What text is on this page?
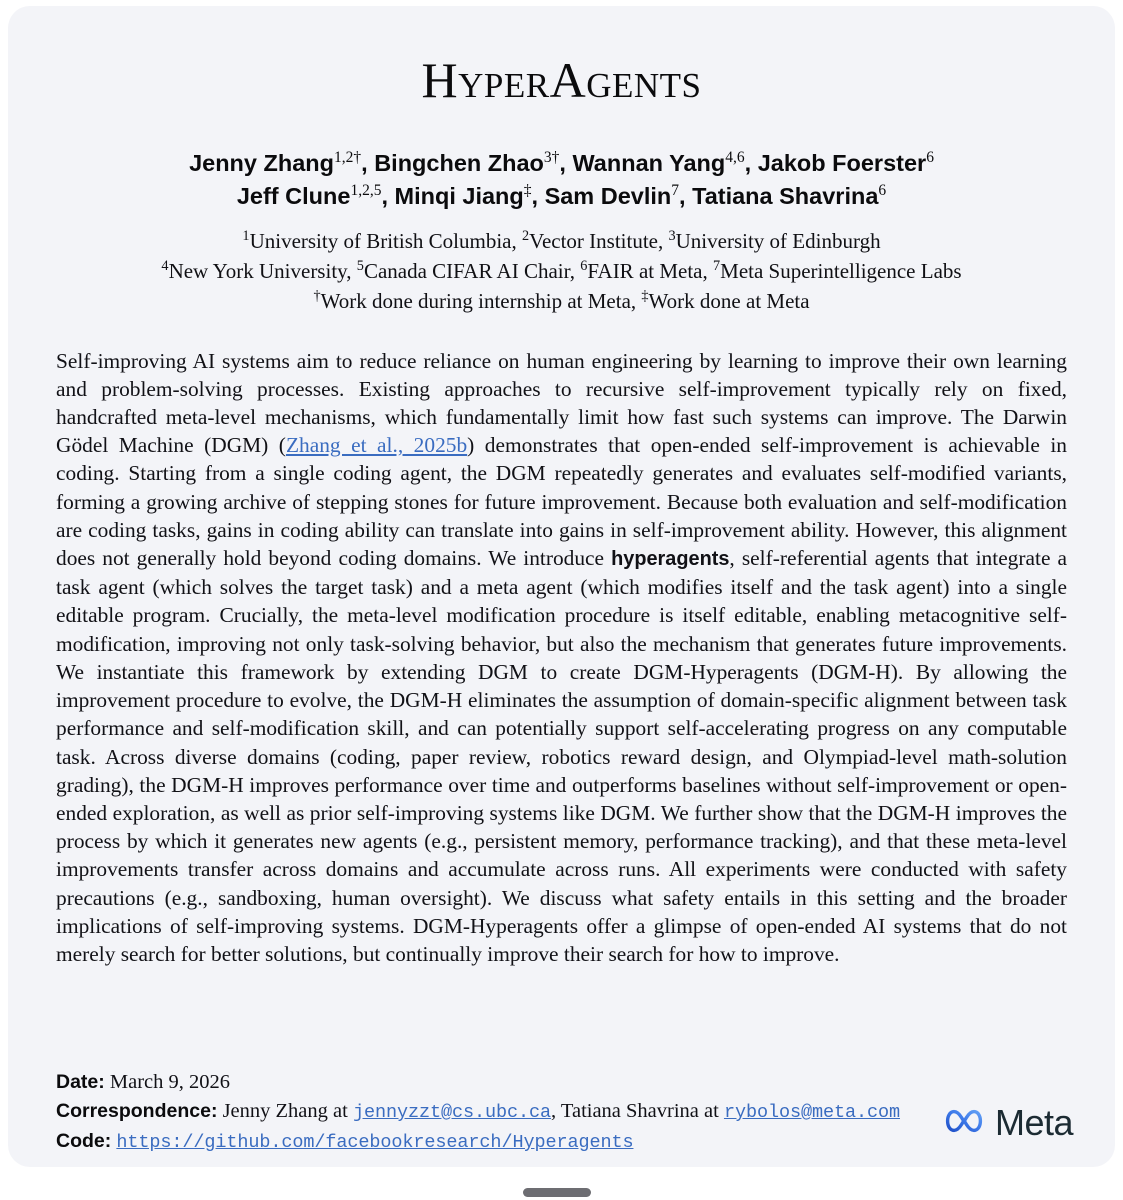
HyperAgents
Jenny Zhang$^{1,2\dagger}$, Bingchen Zhao$^{3\dagger}$, Wannan Yang$^{4,6}$, Jakob Foerster$^6$
Jeff Clune$^{1,2,5}$, Minqi Jiang‡, Sam Devlin$^7$, Tatiana Shavrina$^6$
$^1$University of British Columbia, $^2$Vector Institute, $^3$University of Edinburgh
$^4$New York University, $^5$Canada CIFAR AI Chair, $^6$FAIR at Meta, $^7$Meta Superintelligence Labs
†Work done during internship at Meta, ‡Work done at Meta

Self-improving AI systems aim to reduce reliance on human engineering by learning to improve their own learning and problem-solving processes. Existing approaches to recursive self-improvement typically rely on fixed, handcrafted meta-level mechanisms, which fundamentally limit how fast such systems can improve. The Darwin Gödel Machine (DGM) (Zhang et al., 2025b) demonstrates that open-ended self-improvement is achievable in coding. Starting from a single coding agent, the DGM repeatedly generates and evaluates self-modified variants, forming a growing archive of stepping stones for future improvement. Because both evaluation and self-modification are coding tasks, gains in coding ability can translate into gains in self-improvement ability. However, this alignment does not generally hold beyond coding domains. We introduce hyperagents, self-referential agents that integrate a task agent (which solves the target task) and a meta agent (which modifies itself and the task agent) into a single editable program. Crucially, the meta-level modification procedure is itself editable, enabling metacognitive self-modification, improving not only task-solving behavior, but also the mechanism that generates future improvements. We instantiate this framework by extending DGM to create DGM-Hyperagents (DGM-H). By allowing the improvement procedure to evolve, the DGM-H eliminates the assumption of domain-specific alignment between task performance and self-modification skill, and can potentially support self-accelerating progress on any computable task. Across diverse domains (coding, paper review, robotics reward design, and Olympiad-level math-solution grading), the DGM-H improves performance over time and outperforms baselines without self-improvement or open-ended exploration, as well as prior self-improving systems like DGM. We further show that the DGM-H improves the process by which it generates new agents (e.g., persistent memory, performance tracking), and that these meta-level improvements transfer across domains and accumulate across runs. All experiments were conducted with safety precautions (e.g., sandboxing, human oversight). We discuss what safety entails in this setting and the broader implications of self-improving systems. DGM-Hyperagents offer a glimpse of open-ended AI systems that do not merely search for better solutions, but continually improve their search for how to improve.

Date: March 9, 2026
Correspondence: Jenny Zhang at jennyzzt@cs.ubc.ca, Tatiana Shavrina at rybolos@meta.com
Code: https://github.com/facebookresearch/Hyperagents	Meta
